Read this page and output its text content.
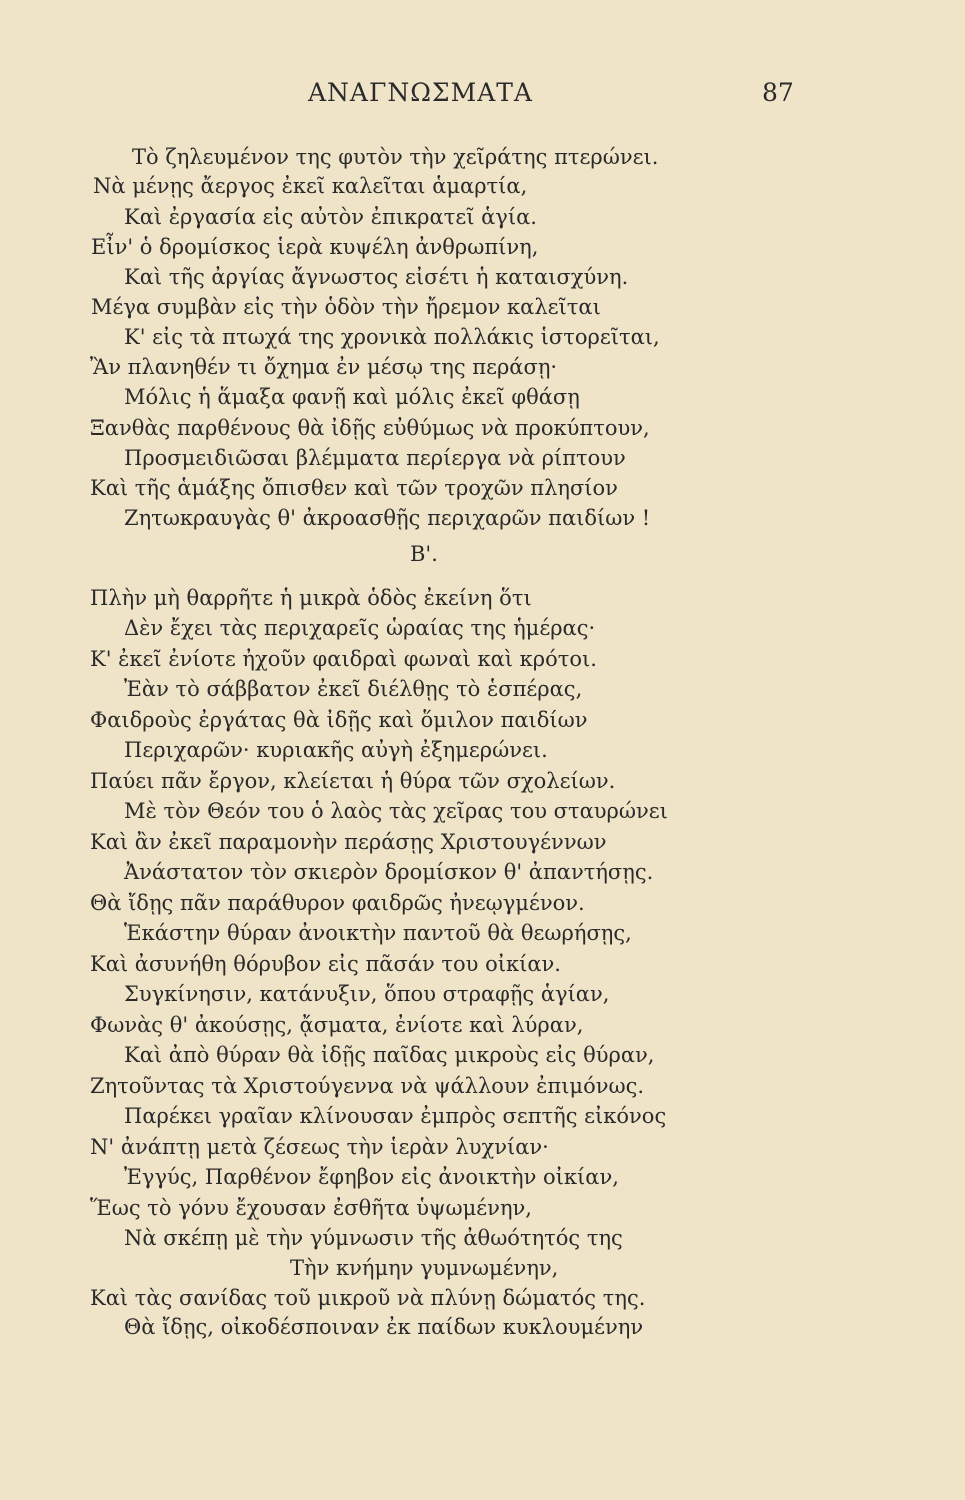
ΑΝΑΓΝΩΣΜΑΤΑ	87
Τὸ ζηλευμένον της φυτὸν τὴν χεῖράτης πτερώνει.
Νὰ μένῃς ἄεργος ἐκεῖ καλεῖται ἁμαρτία,
Καὶ ἐργασία εἰς αὐτὸν ἐπικρατεῖ ἁγία.
Εἶν' ὁ δρομίσκος ἱερὰ κυψέλη ἀνθρωπίνη,
Καὶ τῆς ἀργίας ἄγνωστος εἰσέτι ἡ καταισχύνη.
Μέγα συμβὰν εἰς τὴν ὁδὸν τὴν ἤρεμον καλεῖται
Κ' εἰς τὰ πτωχά της χρονικὰ πολλάκις ἱστορεῖται,
Ἂν πλανηθέν τι ὄχημα ἐν μέσῳ της περάσῃ·
Μόλις ἡ ἅμαξα φανῇ καὶ μόλις ἐκεῖ φθάσῃ
Ξανθὰς παρθένους θὰ ἰδῇς εὐθύμως νὰ προκύπτουν,
Προσμειδιῶσαι βλέμματα περίεργα νὰ ρίπτουν
Καὶ τῆς ἁμάξης ὄπισθεν καὶ τῶν τροχῶν πλησίον
Ζητωκραυγὰς θ' ἀκροασθῇς περιχαρῶν παιδίων !
Β'.
Πλὴν μὴ θαρρῆτε ἡ μικρὰ ὁδὸς ἐκείνη ὅτι
Δὲν ἔχει τὰς περιχαρεῖς ὡραίας της ἡμέρας·
Κ' ἐκεῖ ἐνίοτε ἠχοῦν φαιδραὶ φωναὶ καὶ κρότοι.
Ἐὰν τὸ σάββατον ἐκεῖ διέλθῃς τὸ ἑσπέρας,
Φαιδροὺς ἐργάτας θὰ ἰδῇς καὶ ὅμιλον παιδίων
Περιχαρῶν· κυριακῆς αὐγὴ ἐξημερώνει.
Παύει πᾶν ἔργον, κλείεται ἡ θύρα τῶν σχολείων.
Μὲ τὸν Θεόν του ὁ λαὸς τὰς χεῖρας του σταυρώνει
Καὶ ἂν ἐκεῖ παραμονὴν περάσῃς Χριστουγέννων
Ἀνάστατον τὸν σκιερὸν δρομίσκον θ' ἀπαντήσῃς.
Θὰ ἴδῃς πᾶν παράθυρον φαιδρῶς ἠνεῳγμένον.
Ἑκάστην θύραν ἀνοικτὴν παντοῦ θὰ θεωρήσῃς,
Καὶ ἀσυνήθη θόρυβον εἰς πᾶσάν του οἰκίαν.
Συγκίνησιν, κατάνυξιν, ὅπου στραφῇς ἁγίαν,
Φωνὰς θ' ἀκούσῃς, ᾄσματα, ἐνίοτε καὶ λύραν,
Καὶ ἀπὸ θύραν θὰ ἰδῇς παῖδας μικροὺς εἰς θύραν,
Ζητοῦντας τὰ Χριστούγεννα νὰ ψάλλουν ἐπιμόνως.
Παρέκει γραῖαν κλίνουσαν ἐμπρὸς σεπτῆς εἰκόνος
Ν' ἀνάπτῃ μετὰ ζέσεως τὴν ἱερὰν λυχνίαν·
Ἐγγύς, Παρθένον ἔφηβον εἰς ἀνοικτὴν οἰκίαν,
Ἕως τὸ γόνυ ἔχουσαν ἐσθῆτα ὑψωμένην,
Νὰ σκέπῃ μὲ τὴν γύμνωσιν τῆς ἀθωότητός της
Τὴν κνήμην γυμνωμένην,
Καὶ τὰς σανίδας τοῦ μικροῦ νὰ πλύνῃ δώματός της.
Θὰ ἴδῃς, οἰκοδέσποιναν ἐκ παίδων κυκλουμένην
